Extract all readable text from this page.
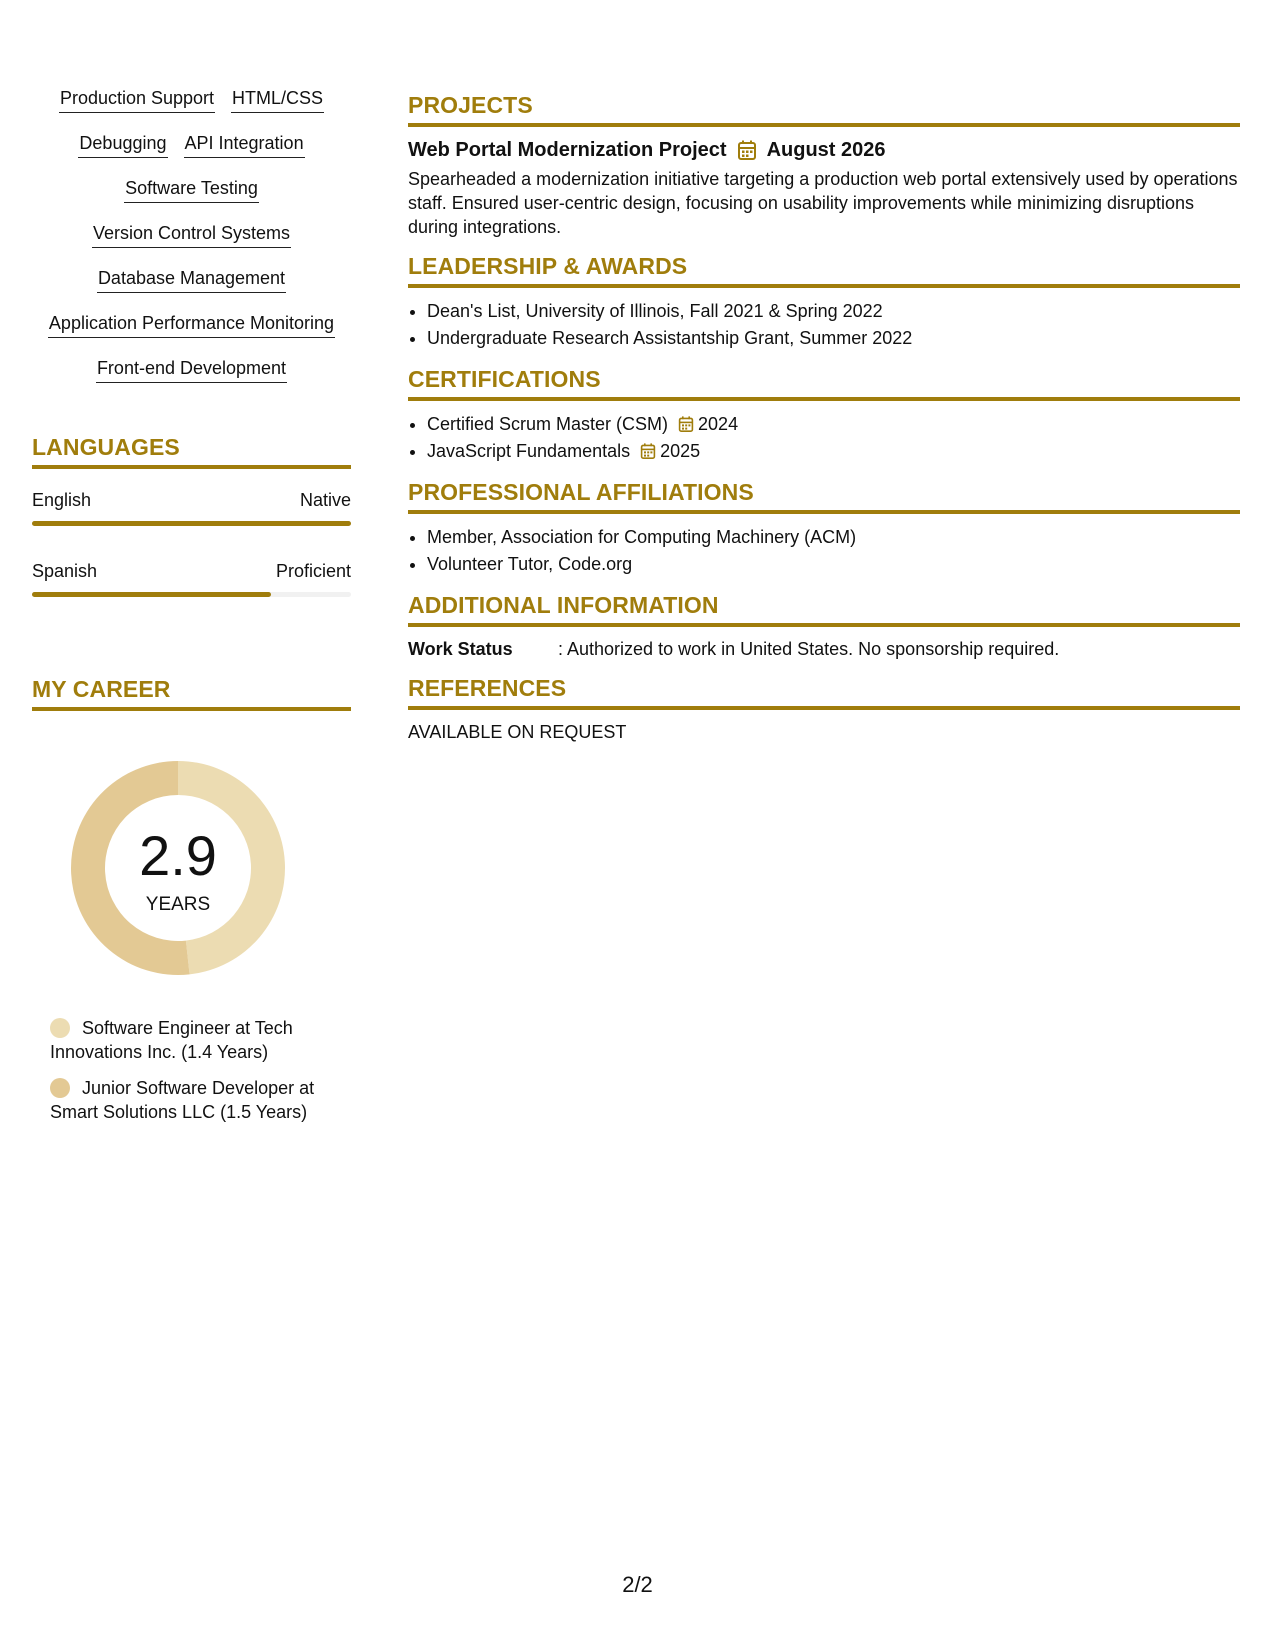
Production Support HTML/CSS
Debugging API Integration
Software Testing
Version Control Systems
Database Management
Application Performance Monitoring
Front-end Development
LANGUAGES
English	Native
Spanish	Proficient
MY CAREER
2.9
YEARS
Software Engineer at Tech Innovations Inc. (1.4 Years)
Junior Software Developer at Smart Solutions LLC (1.5 Years)
PROJECTS
Web Portal Modernization Project August 2026
Spearheaded a modernization initiative targeting a production web portal extensively used by operations staff. Ensured user-centric design, focusing on usability improvements while minimizing disruptions during integrations.
LEADERSHIP & AWARDS
• Dean's List, University of Illinois, Fall 2021 & Spring 2022
• Undergraduate Research Assistantship Grant, Summer 2022
CERTIFICATIONS
• Certified Scrum Master (CSM) 2024
• JavaScript Fundamentals 2025
PROFESSIONAL AFFILIATIONS
• Member, Association for Computing Machinery (ACM)
• Volunteer Tutor, Code.org
ADDITIONAL INFORMATION
Work Status	: Authorized to work in United States. No sponsorship required.
REFERENCES
AVAILABLE ON REQUEST
2/2
